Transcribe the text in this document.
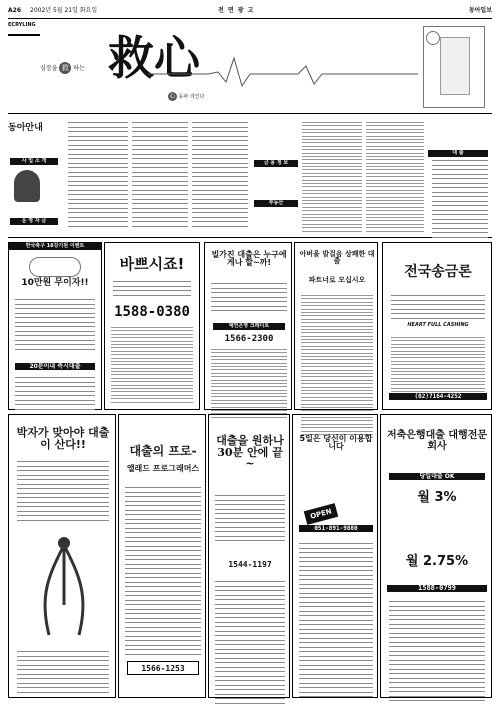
A26 2002년 5월 21일 화요일	전 면 광 고	동아일보
ECRYLING
심장을 救 하는 救心
心 동파 리인다
동아안내
사 업 소 개
운 영 자 금
금 융 정 보
부동산
대 출
한국축구 16강기원 이벤트
10만원 무이자!!
20분이내 즉시대출
바쁘시죠!
1588-0380
빌가진 대출은 누구에게나 할~까!
예언은영 크레디트
1566-2300
아버울 발걸음 상쾌한 대출
파트너로 모십시오	전국송금론
HEART FULL CASHING
(02)7164-4252
박자가 맞아야 대출이 산다!!	대출의 프로-
앨래드 프로그래머스
1566-1253
대출을 원하나 30분 안에 끝~
1544-1197
5일은 당신이 이용합니다
OPEN
051-891-9880
저축은행대출 대행전문회사
당일대출 OK
월 3%
월 2.75%
1588-0799
